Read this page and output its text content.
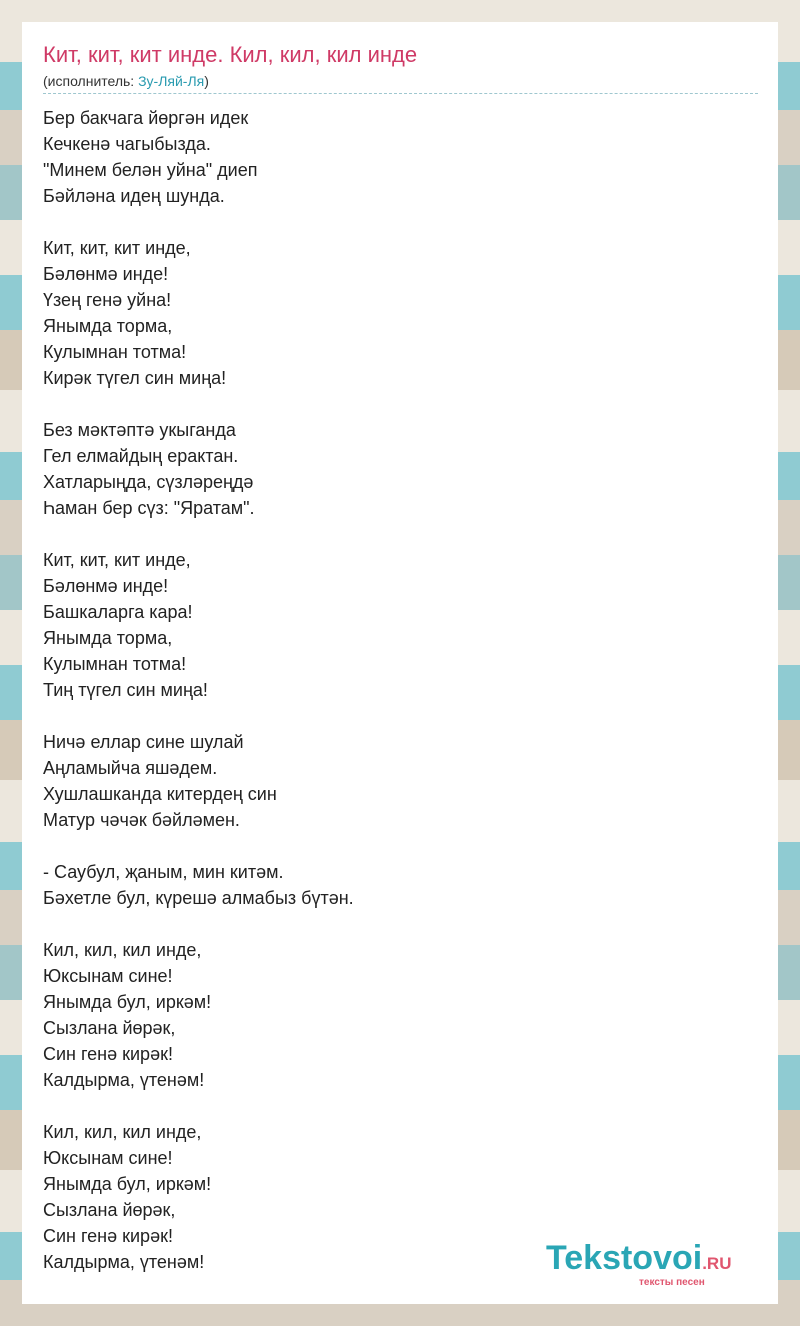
Кит, кит, кит инде. Кил, кил, кил инде
(исполнитель: Зу-Ляй-Ля)
Бер бакчага йөргән идек
Кечкенә чагыбызда.
"Минем белән уйна" диеп
Бәйләна идең шунда.
Кит, кит, кит инде,
Бәлөнмә инде!
Үзең генә уйна!
Янымда торма,
Кулымнан тотма!
Кирәк түгел син миңа!
Без мәктәптә укыганда
Гел елмайдың ерактан.
Хатларыңда, сүзләреңдә
Һаман бер сүз: "Яратам".
Кит, кит, кит инде,
Бәлөнмә инде!
Башкаларга кара!
Янымда торма,
Кулымнан тотма!
Тиң түгел син миңа!
Ничә еллар сине шулай
Аңламыйча яшәдем.
Хушлашканда китердең син
Матур чәчәк бәйләмен.
- Саубул, җаным, мин китәм.
Бәхетле бул, күрешә алмабыз бүтән.
Кил, кил, кил инде,
Юксынам сине!
Янымда бул, иркәм!
Сызлана йөрәк,
Син генә кирәк!
Калдырма, үтенәм!
Кил, кил, кил инде,
Юксынам сине!
Янымда бул, иркәм!
Сызлана йөрәк,
Син генә кирәк!
Калдырма, үтенәм!	Tekstovoi.RU
тексты песен
